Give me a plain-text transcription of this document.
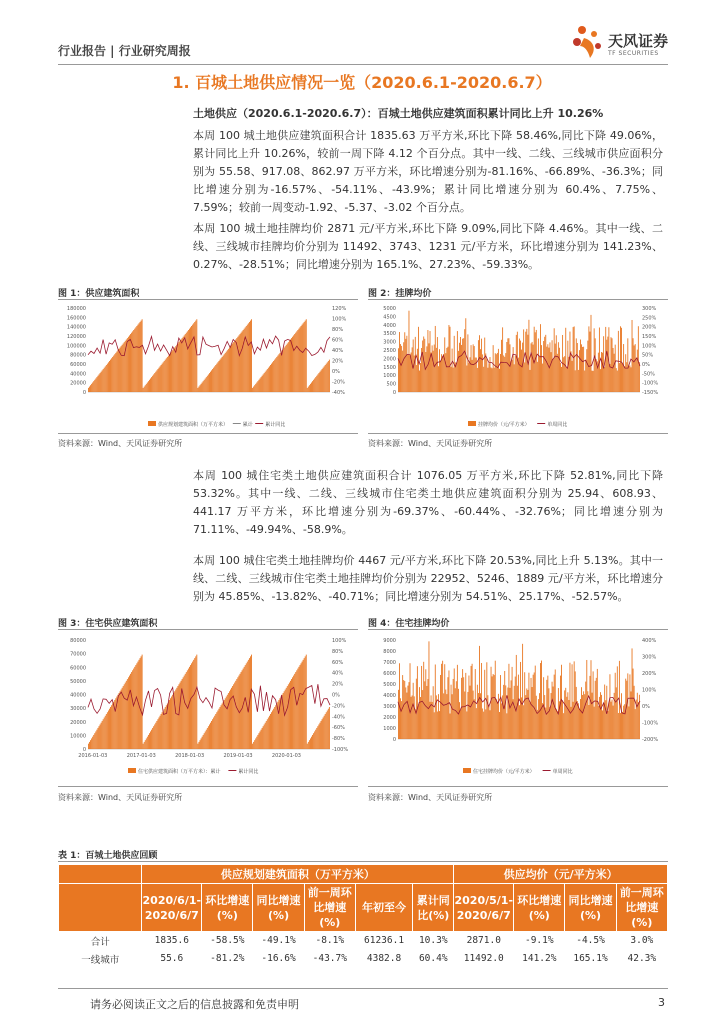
行业报告 | 行业研究周报
天风证券
TF SECURITIES
1. 百城土地供应情况一览（2020.6.1-2020.6.7）
土地供应（2020.6.1-2020.6.7）：百城土地供应建筑面积累计同比上升 10.26%
本周 100 城土地供应建筑面积合计 1835.63 万平方米,环比下降 58.46%,同比下降 49.06%，累计同比上升 10.26%，较前一周下降 4.12 个百分点。其中一线、二线、三线城市供应面积分别为 55.58、917.08、862.97 万平方米，环比增速分别为-81.16%、-66.89%、-36.3%；同比增速分别为-16.57%、-54.11%、-43.9%；累计同比增速分别为 60.4%、7.75%、7.59%；较前一周变动-1.92、-5.37、-3.02 个百分点。
本周 100 城土地挂牌均价 2871 元/平方米,环比下降 9.09%,同比下降 4.46%。其中一线、二线、三线城市挂牌均价分别为 11492、3743、1231 元/平方米，环比增速分别为 141.23%、0.27%、-28.51%；同比增速分别为 165.1%、27.23%、-59.33%。
图 1：供应建筑面积
180000
160000
140000
120000
100000
80000
60000
40000
20000
0
120%
100%
80%
60%
40%
20%
0%
-20%
-40%
供应规划建筑面积（万平方米）	累计 累计同比
资料来源：Wind、天风证券研究所
图 2：挂牌均价
5000
4500
4000
3500
3000
2500
2000
1500
1000
500
0
300%
250%
200%
150%
100%
50%
0%
-50%
-100%
-150%
挂牌均价（元/平方米）	单周同比
资料来源：Wind、天风证券研究所
本周 100 城住宅类土地供应建筑面积合计 1076.05 万平方米,环比下降 52.81%,同比下降 53.32%。其中一线、二线、三线城市住宅类土地供应建筑面积分别为 25.94、608.93、441.17 万平方米，环比增速分别为-69.37%、-60.44%、-32.76%；同比增速分别为 71.11%、-49.94%、-58.9%。
本周 100 城住宅类土地挂牌均价 4467 元/平方米,环比下降 20.53%,同比上升 5.13%。其中一线、二线、三线城市住宅类土地挂牌均价分别为 22952、5246、1889 元/平方米，环比增速分别为 45.85%、-13.82%、-40.71%；同比增速分别为 54.51%、25.17%、-52.57%。
图 3：住宅供应建筑面积
80000
70000
60000
50000
40000
30000
20000
10000
0
100%
80%
60%
40%
20%
0%
-20%
-40%
-60%
-80%
-100%
2016-01-03	2017-01-03	2018-01-03	2019-01-03	2020-01-03
住宅供应建筑面积（万平方米）：累计	累计同比
资料来源：Wind、天风证券研究所
图 4：住宅挂牌均价
9000
8000
7000
6000
5000
4000
3000
2000
1000
0
400%
300%
200%
100%
0%
-100%
-200%
住宅挂牌均价（元/平方米）	单周同比
资料来源：Wind、天风证券研究所
表 1：百城土地供应回顾
	供应规划建筑面积（万平方米）						供应均价（元/平方米）			
	2020/6/1-2020/6/7	环比增速(%)	同比增速(%)	前一周环比增速(%)	年初至今	累计同比(%)	2020/5/1-2020/6/7	环比增速(%)	同比增速(%)	前一周环比增速(%)
合计	1835.6	-58.5%	-49.1%	-8.1%	61236.1	10.3%	2871.0	-9.1%	-4.5%	3.0%
一线城市	55.6	-81.2%	-16.6%	-43.7%	4382.8	60.4%	11492.0	141.2%	165.1%	42.3%
请务必阅读正文之后的信息披露和免责申明	3
